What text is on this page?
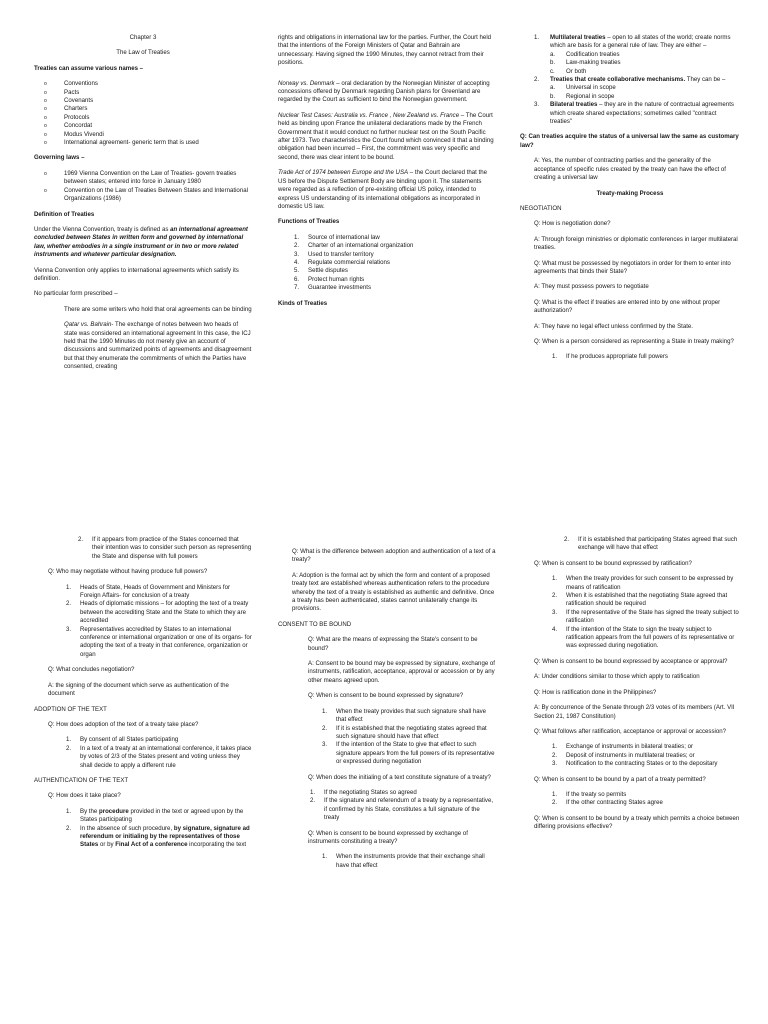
Chapter 3

The Law of Treaties

Treaties can assume various names –

o Conventions
o Pacts
o Covenants
o Charters
o Protocols
o Concordat
o Modus Vivendi
o International agreement- generic term that is used

Governing laws –

o 1969 Vienna Convention on the Law of Treaties- govern treaties between states; entered into force in January 1980
o Convention on the Law of Treaties Between States and International Organizations (1986)

Definition of Treaties

Under the Vienna Convention, treaty is defined as an international agreement concluded between States in written form and governed by international law, whether embodies in a single instrument or in two or more related instruments and whatever particular designation.

Vienna Convention only applies to international agreements which satisfy its definition.

No particular form prescribed –

There are some writers who hold that oral agreements can be binding

Qatar vs. Bahrain- The exchange of notes between two heads of state was considered an international agreement In this case, the ICJ held that the 1990 Minutes do not merely give an account of discussions and summarized points of agreements and disagreement but that they enumerate the commitments of which the Parties have consented, creating

rights and obligations in international law for the parties. Further, the Court held that the intentions of the Foreign Ministers of Qatar and Bahrain are unnecessary. Having signed the 1990 Minutes, they cannot retract from their positions.

Norway vs. Denmark – oral declaration by the Norwegian Minister of accepting concessions offered by Denmark regarding Danish plans for Greenland are regarded by the Court as sufficient to bind the Norwegian government.

Nuclear Test Cases: Australia vs. France , New Zealand vs. France – The Court held as binding upon France the unilateral declarations made by the French Government that it would conduct no further nuclear test on the South Pacific after 1973. Two characteristics the Court found which convinced it that a binding obligation had been incurred – First, the commitment was very specific and second, there was clear intent to be bound.

Trade Act of 1974 between Europe and the USA – the Court declared that the US before the Dispute Settlement Body are binding upon it. The statements were regarded as a reflection of pre-existing official US policy, intended to express US understanding of its international obligations as incorporated in domestic US law.

Functions of Treaties

1. Source of international law
2. Charter of an international organization
3. Used to transfer territory
4. Regulate commercial relations
5. Settle disputes
6. Protect human rights
7. Guarantee investments

Kinds of Treaties

1. Multilateral treaties – open to all states of the world; create norms which are basis for a general rule of law. They are either –
a. Codification treaties
b. Law-making treaties
c. Or both
2. Treaties that create collaborative mechanisms. They can be –
a. Universal in scope
b. Regional in scope
3. Bilateral treaties – they are in the nature of contractual agreements which create shared expectations; sometimes called "contract treaties"

Q: Can treaties acquire the status of a universal law the same as customary law?

A: Yes, the number of contracting parties and the generality of the acceptance of specific rules created by the treaty can have the effect of creating a universal law

Treaty-making Process

NEGOTIATION

Q: How is negotiation done?

A: Through foreign ministries or diplomatic conferences in larger multilateral treaties.

Q: What must be possessed by negotiators in order for them to enter into agreements that binds their State?

A: They must possess powers to negotiate

Q: What is the effect if treaties are entered into by one without proper authorization?

A: They have no legal effect unless confirmed by the State.

Q: When is a person considered as representing a State in treaty making?

1. If he produces appropriate full powers
2. If it appears from practice of the States concerned that their intention was to consider such person as representing the State and dispense with full powers

Q: Who may negotiate without having produce full powers?

1. Heads of State, Heads of Government and Ministers for Foreign Affairs- for conclusion of a treaty
2. Heads of diplomatic missions – for adopting the text of a treaty between the accrediting State and the State to which they are accredited
3. Representatives accredited by States to an international conference or international organization or one of its organs- for adopting the text of a treaty in that conference, organization or organ

Q: What concludes negotiation?

A: the signing of the document which serve as authentication of the document

ADOPTION OF THE TEXT

Q: How does adoption of the text of a treaty take place?

1. By consent of all States participating
2. In a text of a treaty at an international conference, it takes place by votes of 2/3 of the States present and voting unless they shall decide to apply a different rule

AUTHENTICATION OF THE TEXT

Q: How does it take place?

1. By the procedure provided in the text or agreed upon by the States participating
2. In the absence of such procedure, by signature, signature ad referendum or initialing by the representatives of those States or by Final Act of a conference incorporating the text

Q: What is the difference between adoption and authentication of a text of a treaty?

A: Adoption is the formal act by which the form and content of a proposed treaty text are established whereas authentication refers to the procedure whereby the text of a treaty is established as authentic and definitive. Once a treaty has been authenticated, states cannot unilaterally change its provisions.

CONSENT TO BE BOUND

Q: What are the means of expressing the State's consent to be bound?

A: Consent to be bound may be expressed by signature, exchange of instruments, ratification, acceptance, approval or accession or by any other means agreed upon.

Q: When is consent to be bound expressed by signature?

1. When the treaty provides that such signature shall have that effect
2. If it is established that the negotiating states agreed that such signature should have that effect
3. If the intention of the State to give that effect to such signature appears from the full powers of its representative or expressed during negotiation

Q: When does the initialing of a text constitute signature of a treaty?

1. If the negotiating States so agreed
2. If the signature and referendum of a treaty by a representative, if confirmed by his State, constitutes a full signature of the treaty

Q: When is consent to be bound expressed by exchange of instruments constituting a treaty?

1. When the instruments provide that their exchange shall have that effect
2. If it is established that participating States agreed that such exchange will have that effect

Q: When is consent to be bound expressed by ratification?

1. When the treaty provides for such consent to be expressed by means of ratification
2. When it is established that the negotiating State agreed that ratification should be required
3. If the representative of the State has signed the treaty subject to ratification
4. If the intention of the State to sign the treaty subject to ratification appears from the full powers of its representative or was expressed during negotiation.

Q: When is consent to be bound expressed by acceptance or approval?

A: Under conditions similar to those which apply to ratification

Q: How is ratification done in the Philippines?

A: By concurrence of the Senate through 2/3 votes of its members (Art. VII Section 21, 1987 Constitution)

Q: What follows after ratification, acceptance or approval or accession?

1. Exchange of instruments in bilateral treaties; or
2. Deposit of instruments in multilateral treaties; or
3. Notification to the contracting States or to the depositary

Q: When is consent to be bound by a part of a treaty permitted?

1. If the treaty so permits
2. If the other contracting States agree

Q: When is consent to be bound by a treaty which permits a choice between differing provisions effective?
